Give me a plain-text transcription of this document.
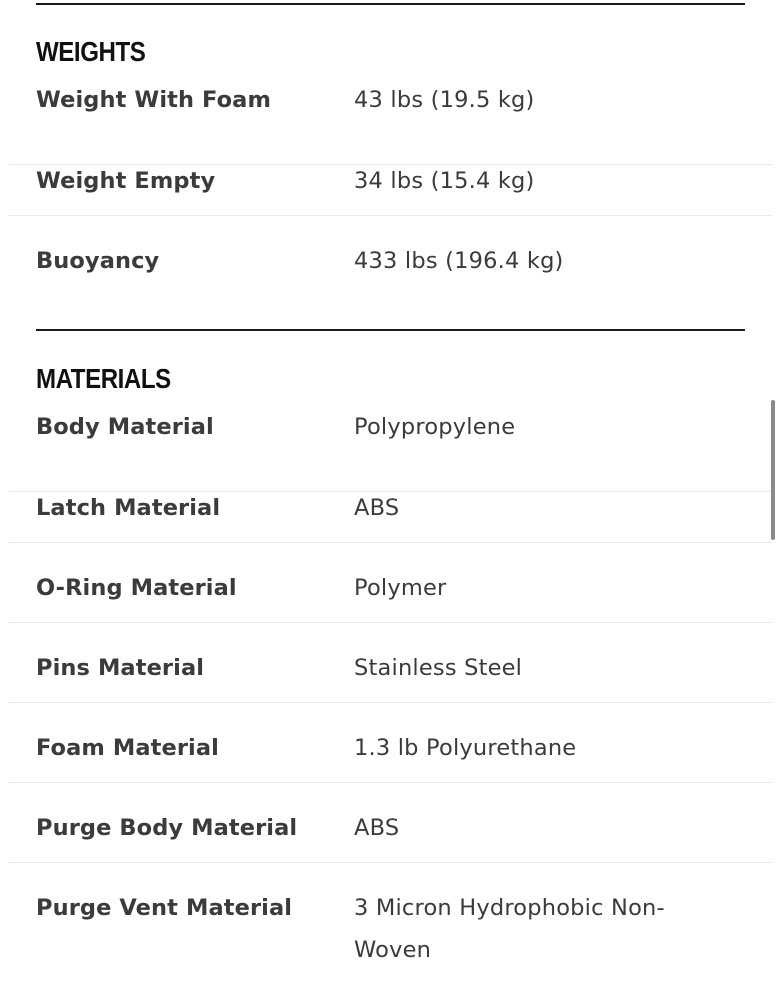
WEIGHTS
Weight With Foam	43 lbs (19.5 kg)
Weight Empty	34 lbs (15.4 kg)
Buoyancy	433 lbs (196.4 kg)
MATERIALS
Body Material	Polypropylene
Latch Material	ABS
O-Ring Material	Polymer
Pins Material	Stainless Steel
Foam Material	1.3 lb Polyurethane
Purge Body Material	ABS
Purge Vent Material	3 Micron Hydrophobic Non-Woven
